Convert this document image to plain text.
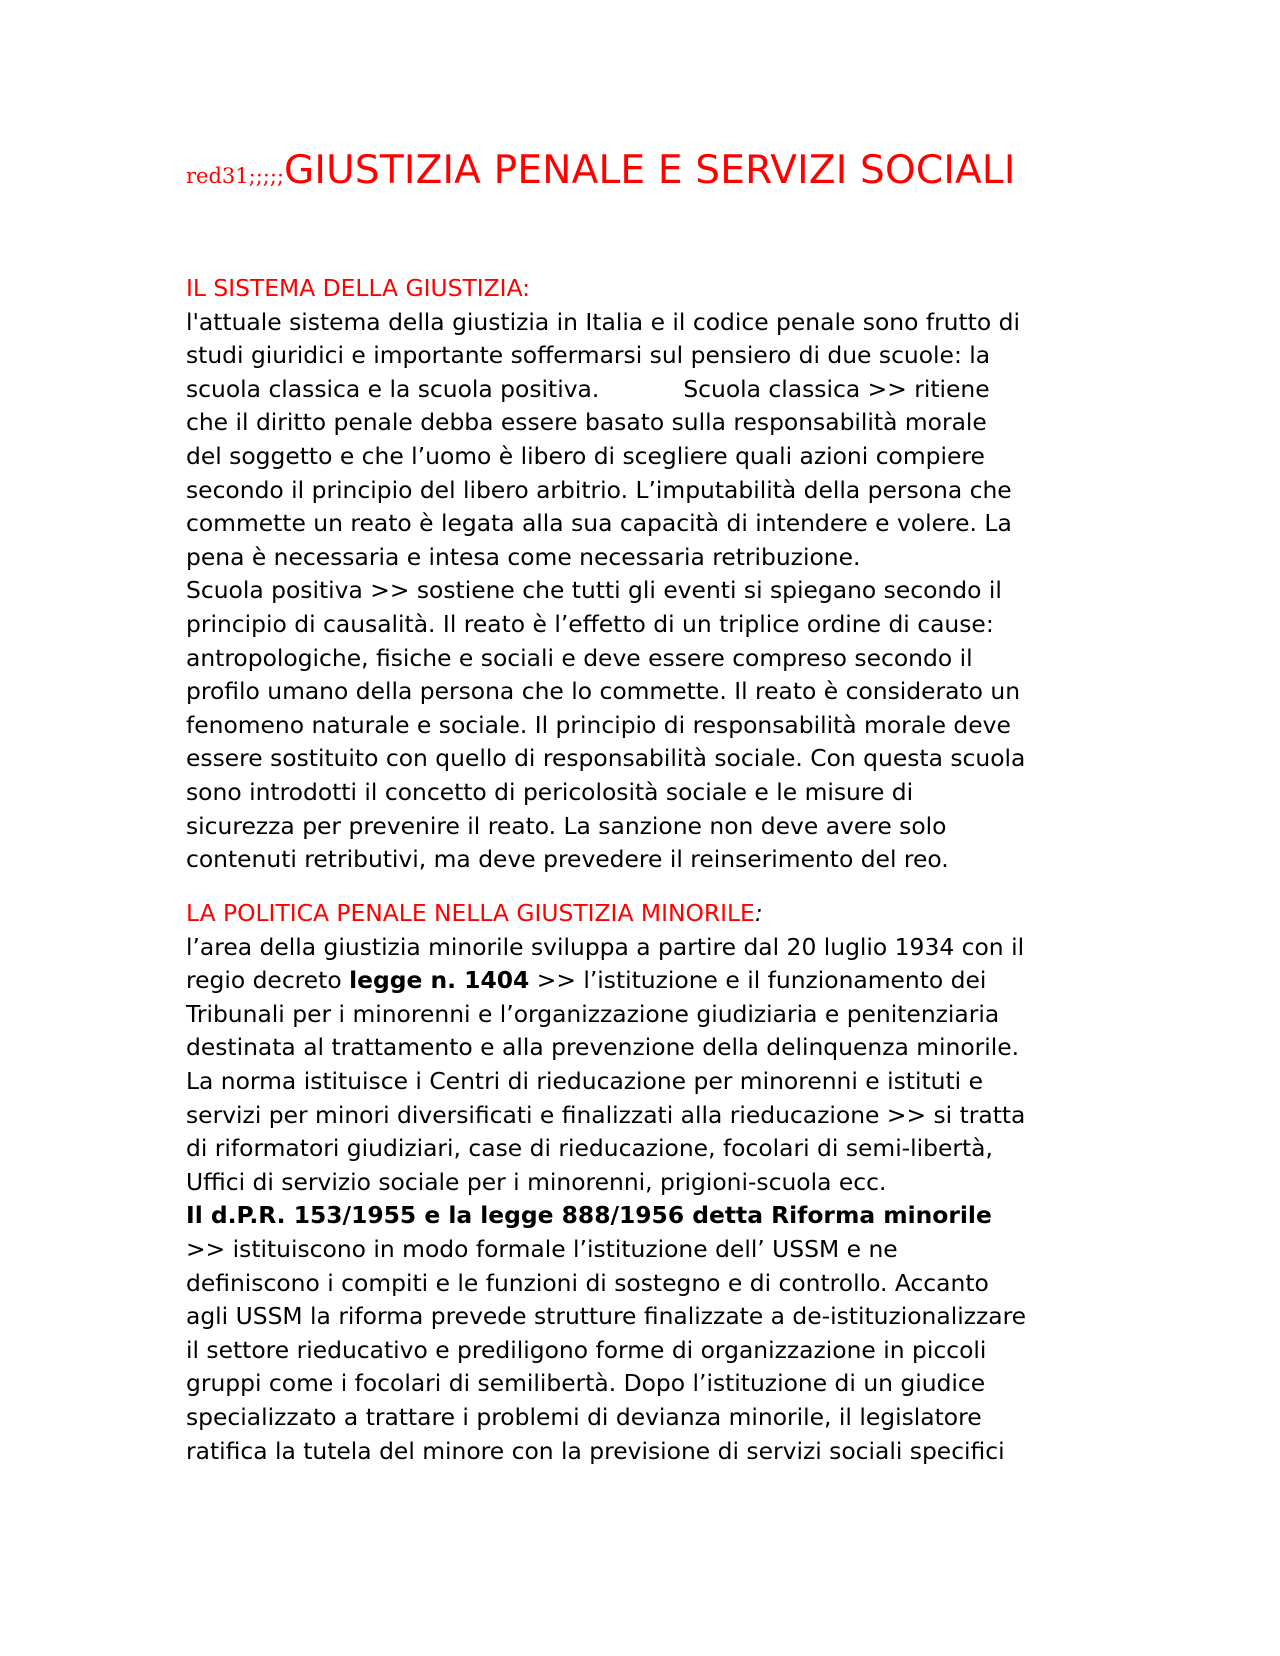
red31;;;;;GIUSTIZIA PENALE E SERVIZI SOCIALI
IL SISTEMA DELLA GIUSTIZIA:
l'attuale sistema della giustizia in Italia e il codice penale sono frutto di
studi giuridici e importante soffermarsi sul pensiero di due scuole: la
scuola classica e la scuola positiva.	Scuola classica >> ritiene
che il diritto penale debba essere basato sulla responsabilità morale
del soggetto e che l’uomo è libero di scegliere quali azioni compiere
secondo il principio del libero arbitrio. L’imputabilità della persona che
commette un reato è legata alla sua capacità di intendere e volere. La
pena è necessaria e intesa come necessaria retribuzione.
Scuola positiva >> sostiene che tutti gli eventi si spiegano secondo il
principio di causalità. Il reato è l’effetto di un triplice ordine di cause:
antropologiche, fisiche e sociali e deve essere compreso secondo il
profilo umano della persona che lo commette. Il reato è considerato un
fenomeno naturale e sociale. Il principio di responsabilità morale deve
essere sostituito con quello di responsabilità sociale. Con questa scuola
sono introdotti il concetto di pericolosità sociale e le misure di
sicurezza per prevenire il reato. La sanzione non deve avere solo
contenuti retributivi, ma deve prevedere il reinserimento del reo.
LA POLITICA PENALE NELLA GIUSTIZIA MINORILE:
l’area della giustizia minorile sviluppa a partire dal 20 luglio 1934 con il
regio decreto legge n. 1404 >> l’istituzione e il funzionamento dei
Tribunali per i minorenni e l’organizzazione giudiziaria e penitenziaria
destinata al trattamento e alla prevenzione della delinquenza minorile.
La norma istituisce i Centri di rieducazione per minorenni e istituti e
servizi per minori diversificati e finalizzati alla rieducazione >> si tratta
di riformatori giudiziari, case di rieducazione, focolari di semi-libertà,
Uffici di servizio sociale per i minorenni, prigioni-scuola ecc.
Il d.P.R. 153/1955 e la legge 888/1956 detta Riforma minorile
>> istituiscono in modo formale l’istituzione dell’ USSM e ne
definiscono i compiti e le funzioni di sostegno e di controllo. Accanto
agli USSM la riforma prevede strutture finalizzate a de-istituzionalizzare
il settore rieducativo e prediligono forme di organizzazione in piccoli
gruppi come i focolari di semilibertà. Dopo l’istituzione di un giudice
specializzato a trattare i problemi di devianza minorile, il legislatore
ratifica la tutela del minore con la previsione di servizi sociali specifici
